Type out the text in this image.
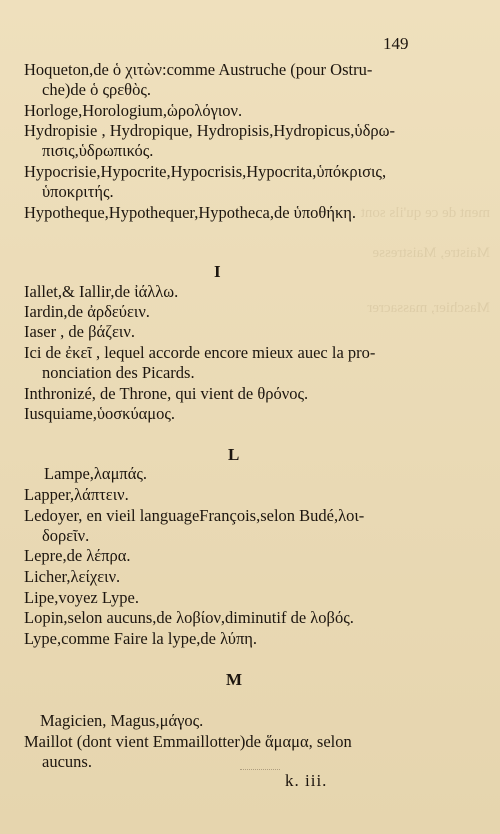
ment de ce qu'ils sont
Maistre, Maistresse
Maschier, massacrer
149
Hoqueton,de ὁ χιτὼν:comme Austruche (pour Ostru-
che)de ὁ ςρεθὸς.
Horloge,Horologium,ὡρολόγιον.
Hydropisie , Hydropique, Hydropisis,Hydropicus,ὑδρω-
πισις,ὑδρωπικός.
Hypocrisie,Hypocrite,Hypocrisis,Hypocrita,ὑπόκρισις,
ὑποκριτής.
Hypotheque,Hypothequer,Hypotheca,de ὑποθήκη.
I
Iallet,& Iallir,de ἰάλλω.
Iardin,de ἀρδεύειν.
Iaser , de βάζειν.
Ici de ἐκεῖ , lequel accorde encore mieux auec la pro-
nonciation des Picards.
Inthronizé, de Throne, qui vient de θρόνος.
Iusquiame,ὑοσκύαμος.
L
Lampe,λαμπάς.
Lapper,λάπτειν.
Ledoyer, en vieil languageFrançois,selon Budé,λοι-
δορεῖν.
Lepre,de λέπρα.
Licher,λείχειν.
Lipe,voyez Lype.
Lopin,selon aucuns,de λοβίον,diminutif de λοβός.
Lype,comme Faire la lype,de λύπη.
M
Magicien, Magus,μάγος.
Maillot (dont vient Emmaillotter)de ἅμαμα, selon
aucuns.
k. iii.
